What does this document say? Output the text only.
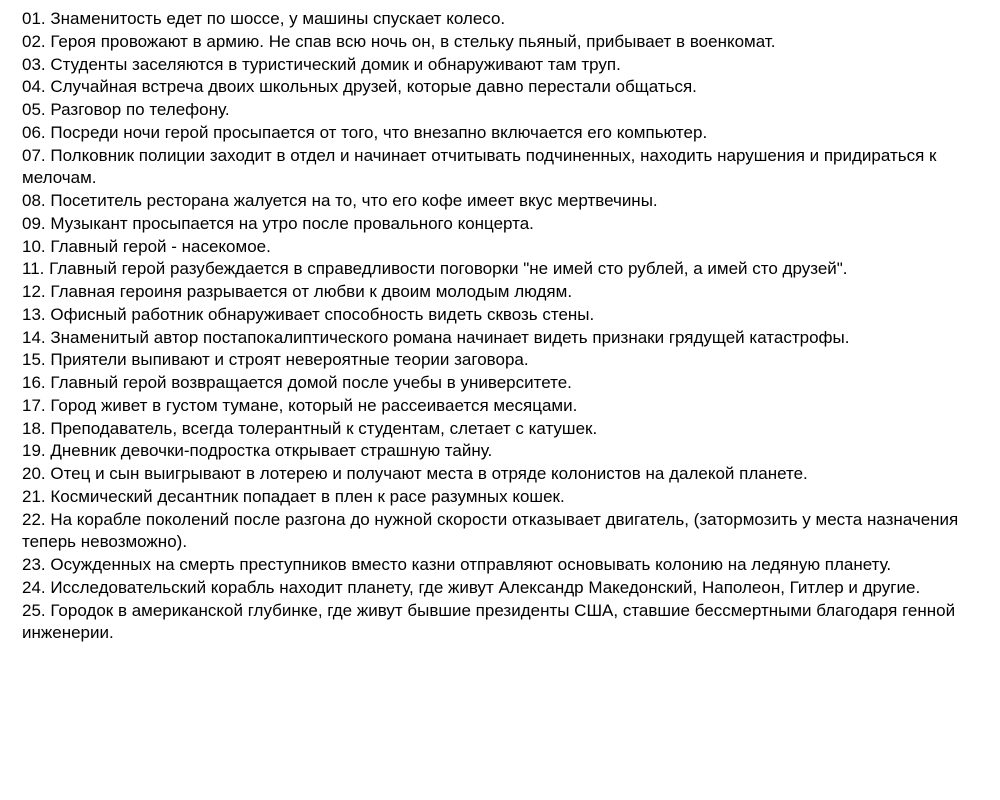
01. Знаменитость едет по шоссе, у машины спускает колесо.

02. Героя провожают в армию. Не спав всю ночь он, в стельку пьяный, прибывает в военкомат.

03. Студенты заселяются в туристический домик и обнаруживают там труп.

04. Случайная встреча двоих школьных друзей, которые давно перестали общаться.

05. Разговор по телефону.

06. Посреди ночи герой просыпается от того, что внезапно включается его компьютер.

07. Полковник полиции заходит в отдел и начинает отчитывать подчиненных, находить нарушения и придираться к мелочам.

08. Посетитель ресторана жалуется на то, что его кофе имеет вкус мертвечины.

09. Музыкант просыпается на утро после провального концерта.

10. Главный герой - насекомое.

11. Главный герой разубеждается в справедливости поговорки "не имей сто рублей, а имей сто друзей".

12. Главная героиня разрывается от любви к двоим молодым людям.

13. Офисный работник обнаруживает способность видеть сквозь стены.

14. Знаменитый автор постапокалиптического романа начинает видеть признаки грядущей катастрофы.

15. Приятели выпивают и строят невероятные теории заговора.

16. Главный герой возвращается домой после учебы в университете.

17. Город живет в густом тумане, который не рассеивается месяцами.

18. Преподаватель, всегда толерантный к студентам, слетает с катушек.

19. Дневник девочки-подростка открывает страшную тайну.

20. Отец и сын выигрывают в лотерею и получают места в отряде колонистов на далекой планете.

21. Космический десантник попадает в плен к расе разумных кошек.

22. На корабле поколений после разгона до нужной скорости отказывает двигатель, (затормозить у места назначения теперь невозможно).

23. Осужденных на смерть преступников вместо казни отправляют основывать колонию на ледяную планету.

24. Исследовательский корабль находит планету, где живут Александр Македонский, Наполеон, Гитлер и другие.

25. Городок в американской глубинке, где живут бывшие президенты США, ставшие бессмертными благодаря генной инженерии.
